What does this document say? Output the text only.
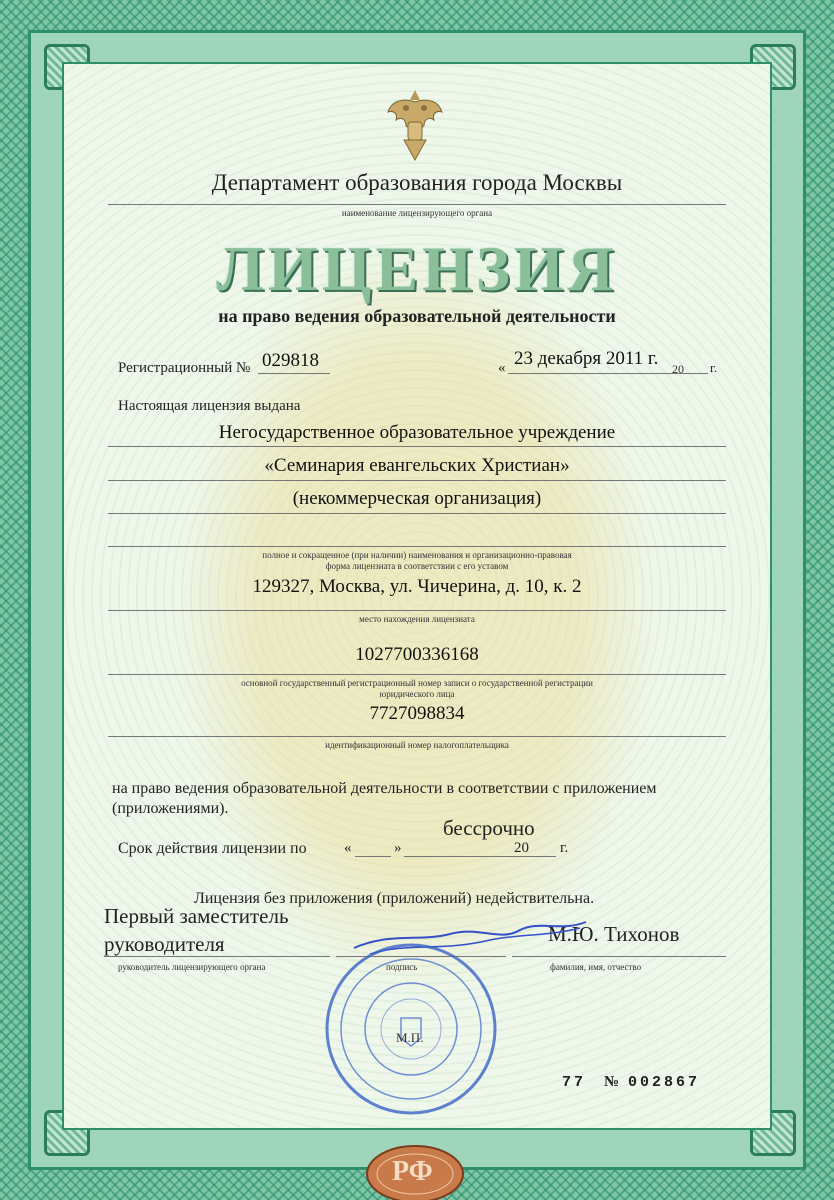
Департамент образования города Москвы
наименование лицензирующего органа
ЛИЦЕНЗИЯ
на право ведения образовательной деятельности
Регистрационный № 029818	« 23 декабря 2011 г. 20 г.
Настоящая лицензия выдана
Негосударственное образовательное учреждение
«Семинария евангельских Христиан»
(некоммерческая организация)
полное и сокращенное (при наличии) наименования и организационно-правовая
форма лицензиата в соответствии с его уставом
129327, Москва, ул. Чичерина, д. 10, к. 2
место нахождения лицензиата
1027700336168
основной государственный регистрационный номер записи о государственной регистрации
юридического лица
7727098834
идентификационный номер налогоплательщика
на право ведения образовательной деятельности в соответствии с приложением
(приложениями).
Срок действия лицензии по «	»
бессрочно
20 г.
Лицензия без приложения (приложений) недействительна.
Первый заместитель
руководителя
руководитель лицензирующего органа	подпись
М.Ю. Тихонов
фамилия, имя, отчество
М.П.
77 № 002867
РФ
